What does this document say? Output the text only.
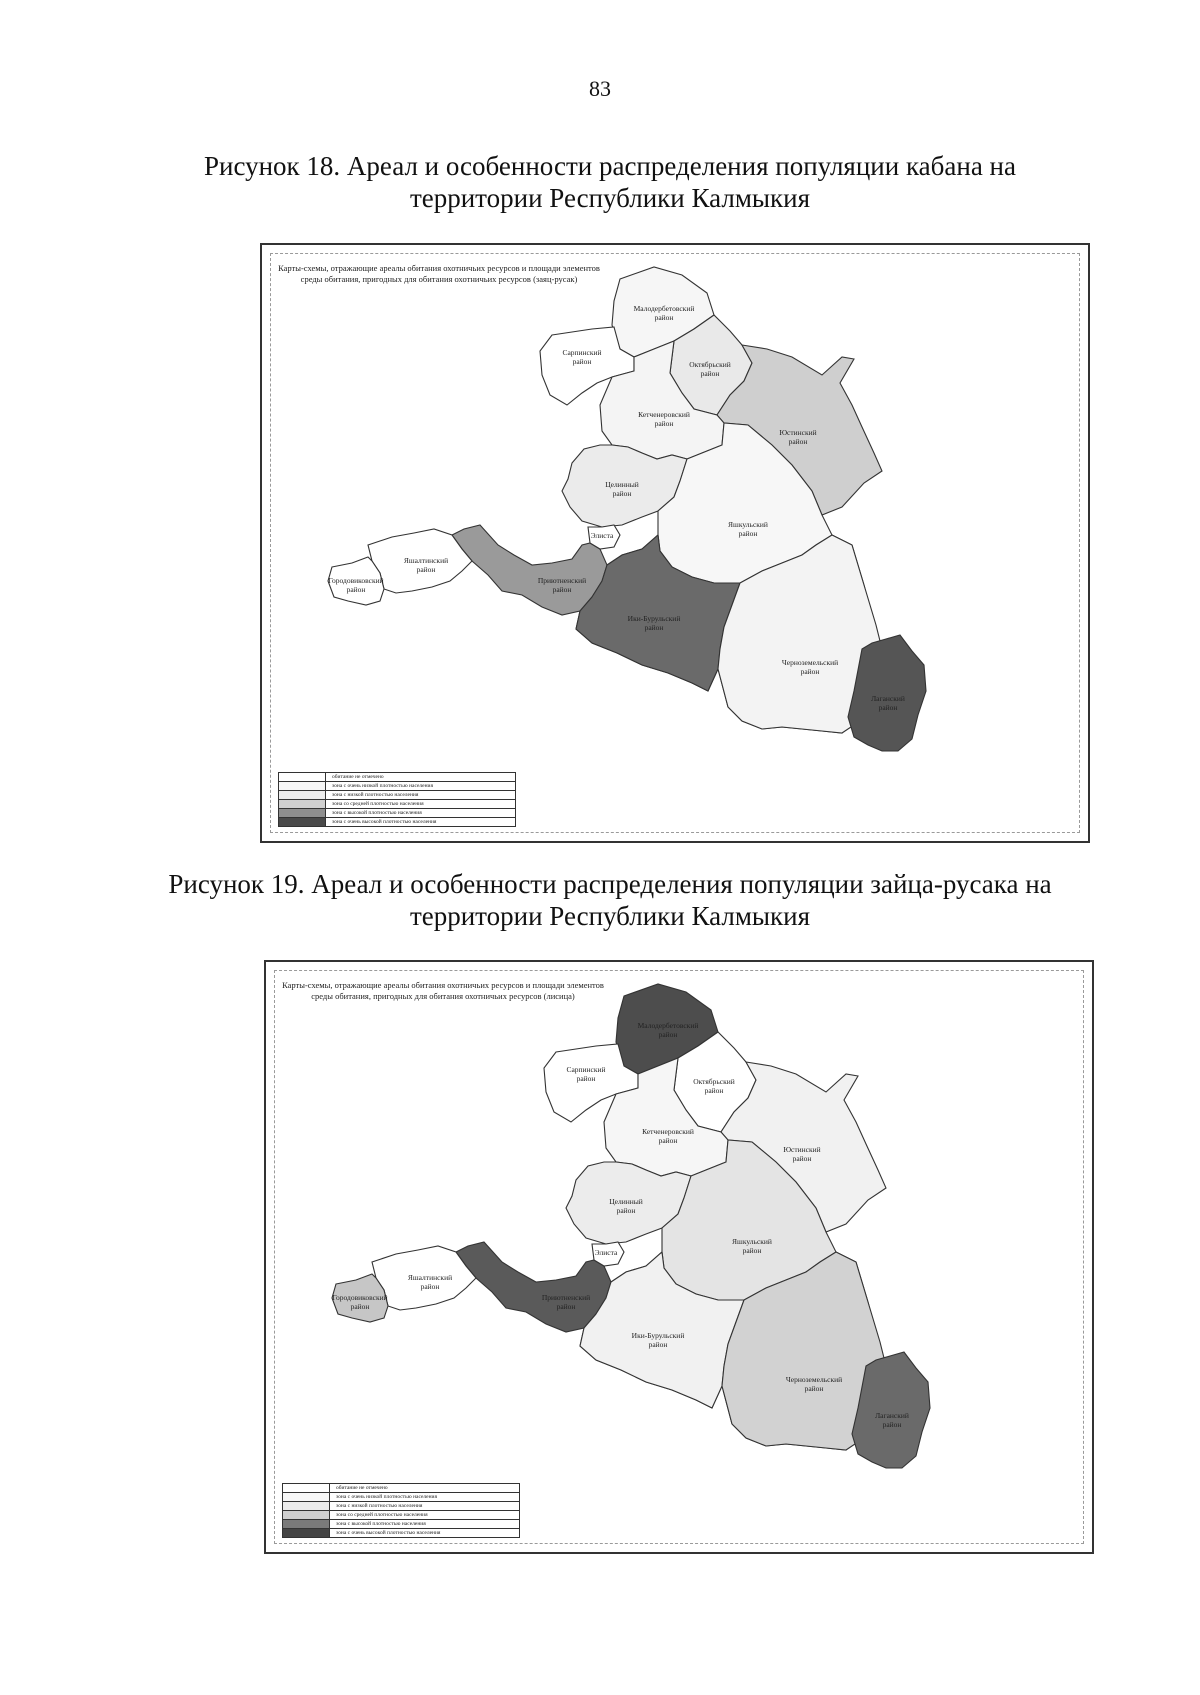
83
Рисунок 18. Ареал и особенности распределения популяции кабана на
территории Республики Калмыкия
Карты-схемы, отражающие ареалы обитания охотничьих ресурсов и площади элементов среды обитания, пригодных для обитания охотничьих ресурсов (заяц-русак)
Малодербетовский район
Сарпинский район	Октябрьский район
Юстинский район
Кетченеровский район
Целинный район
Яшкульский район
Приютненский район
Яшалтинский район
Городовиковский район
Ики-Бурульский район
Черноземельский район
Лаганский район
Элиста
обитание не отмечено
зона с очень низкой плотностью населения
зона с низкой плотностью населения
зона со средней плотностью населения
зона с высокой плотностью населения
зона с очень высокой плотностью населения
Рисунок 19. Ареал и особенности распределения популяции зайца-русака на
территории Республики Калмыкия
Карты-схемы, отражающие ареалы обитания охотничьих ресурсов и площади элементов среды обитания, пригодных для обитания охотничьих ресурсов (лисица)
Малодербетовский район
Сарпинский район	Октябрьский район
Юстинский район
Кетченеровский район
Целинный район
Яшкульский район
Приютненский район
Яшалтинский район
Городовиковский район
Ики-Бурульский район
Черноземельский район
Лаганский район
Элиста
обитание не отмечено
зона с очень низкой плотностью населения
зона с низкой плотностью населения
зона со средней плотностью населения
зона с высокой плотностью населения
зона с очень высокой плотностью населения
